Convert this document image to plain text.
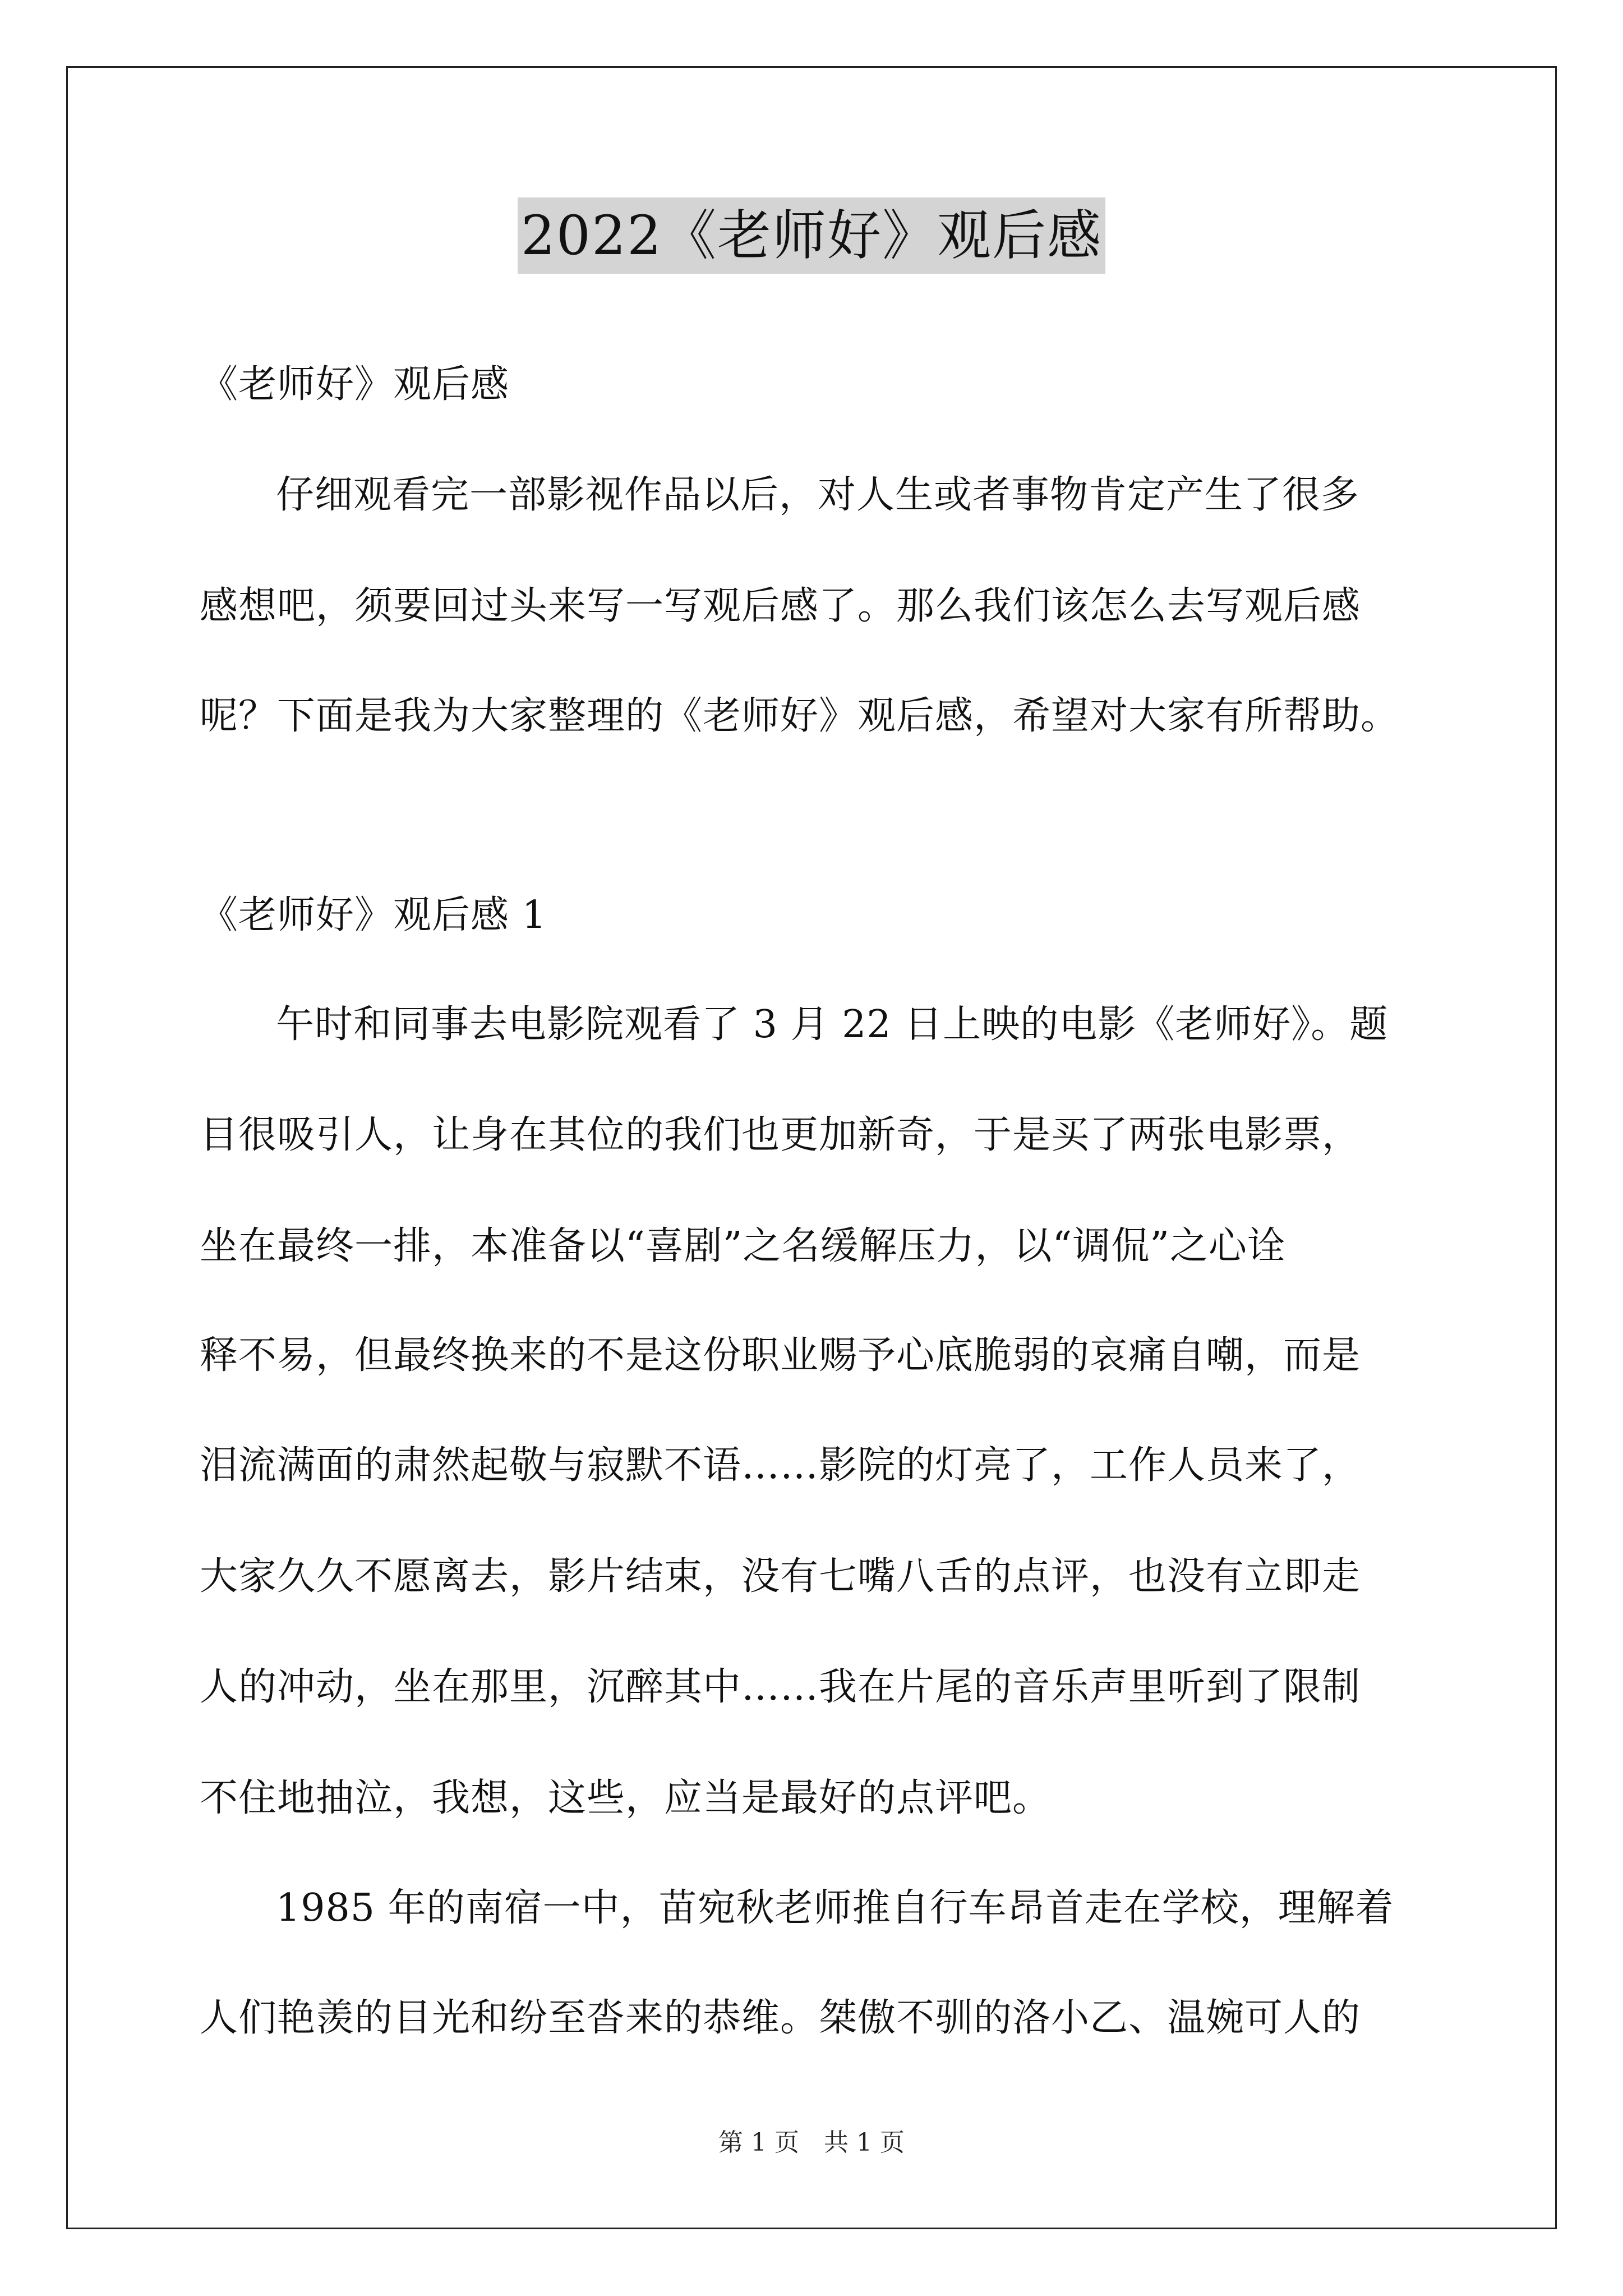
2022《老师好》观后感
《老师好》观后感
仔细观看完一部影视作品以后，对人生或者事物肯定产生了很多
感想吧，须要回过头来写一写观后感了。那么我们该怎么去写观后感
呢？下面是我为大家整理的《老师好》观后感，希望对大家有所帮助。
《老师好》观后感 1
午时和同事去电影院观看了 3 月 22 日上映的电影《老师好》。题
目很吸引人，让身在其位的我们也更加新奇，于是买了两张电影票，
坐在最终一排，本准备以“喜剧”之名缓解压力，以“调侃”之心诠
释不易，但最终换来的不是这份职业赐予心底脆弱的哀痛自嘲，而是
泪流满面的肃然起敬与寂默不语……影院的灯亮了，工作人员来了，
大家久久不愿离去，影片结束，没有七嘴八舌的点评，也没有立即走
人的冲动，坐在那里，沉醉其中……我在片尾的音乐声里听到了限制
不住地抽泣，我想，这些，应当是最好的点评吧。
1985 年的南宿一中，苗宛秋老师推自行车昂首走在学校，理解着
人们艳羡的目光和纷至沓来的恭维。桀傲不驯的洛小乙、温婉可人的
第 1 页　共 1 页
